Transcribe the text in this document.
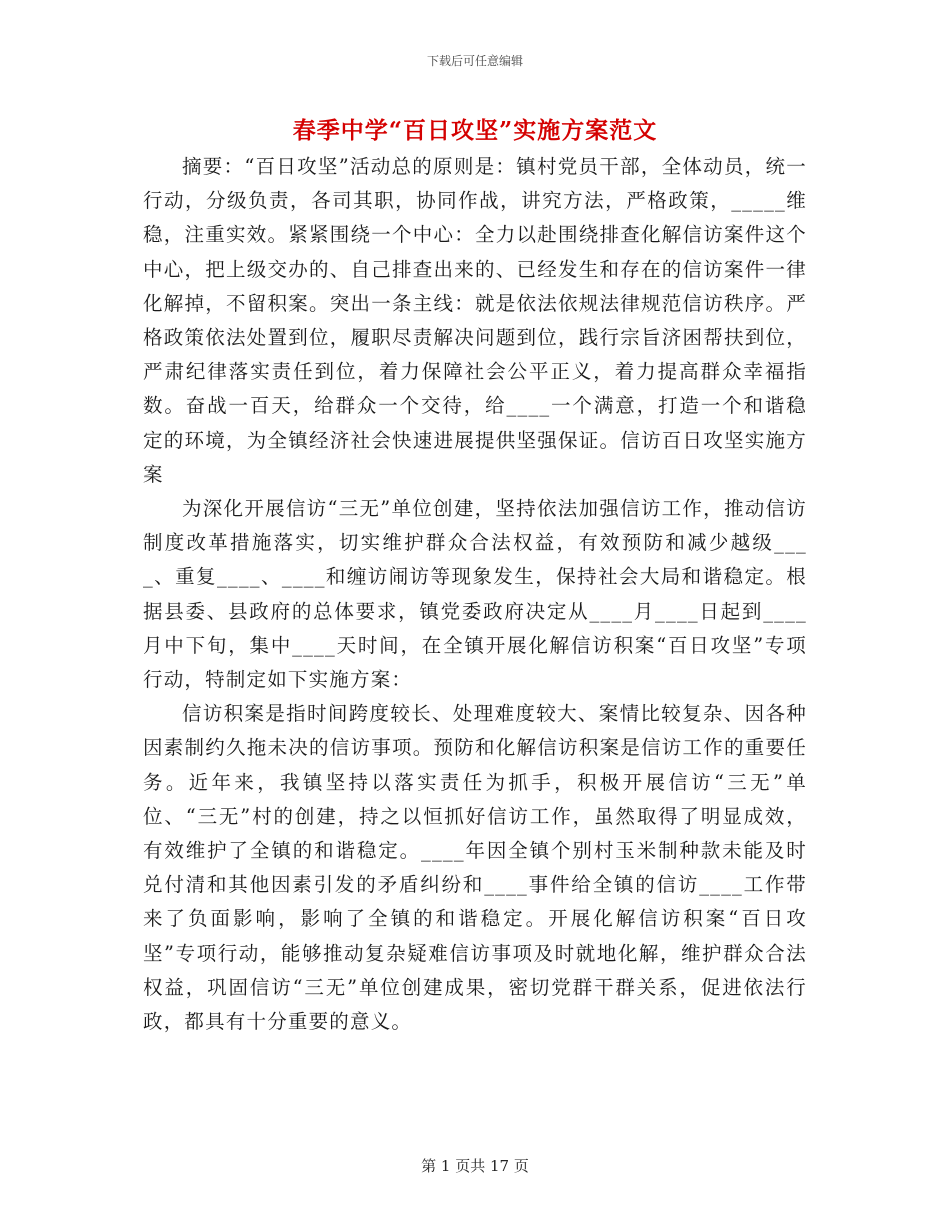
下载后可任意编辑
春季中学“百日攻坚”实施方案范文

摘要：“百日攻坚”活动总的原则是：镇村党员干部，全体动员，统一行动，分级负责，各司其职，协同作战，讲究方法，严格政策，_____维稳，注重实效。紧紧围绕一个中心：全力以赴围绕排查化解信访案件这个中心，把上级交办的、自己排查出来的、已经发生和存在的信访案件一律化解掉，不留积案。突出一条主线：就是依法依规法律规范信访秩序。严格政策依法处置到位，履职尽责解决问题到位，践行宗旨济困帮扶到位，严肃纪律落实责任到位，着力保障社会公平正义，着力提高群众幸福指数。奋战一百天，给群众一个交待，给____一个满意，打造一个和谐稳定的环境，为全镇经济社会快速进展提供坚强保证。信访百日攻坚实施方案

为深化开展信访“三无”单位创建，坚持依法加强信访工作，推动信访制度改革措施落实，切实维护群众合法权益，有效预防和减少越级____、重复____、____和缠访闹访等现象发生，保持社会大局和谐稳定。根据县委、县政府的总体要求，镇党委政府决定从____月____日起到____月中下旬，集中____天时间，在全镇开展化解信访积案“百日攻坚”专项行动，特制定如下实施方案：

信访积案是指时间跨度较长、处理难度较大、案情比较复杂、因各种因素制约久拖未决的信访事项。预防和化解信访积案是信访工作的重要任务。近年来，我镇坚持以落实责任为抓手，积极开展信访“三无”单位、“三无”村的创建，持之以恒抓好信访工作，虽然取得了明显成效，有效维护了全镇的和谐稳定。____年因全镇个别村玉米制种款未能及时兑付清和其他因素引发的矛盾纠纷和____事件给全镇的信访____工作带来了负面影响，影响了全镇的和谐稳定。开展化解信访积案“百日攻坚”专项行动，能够推动复杂疑难信访事项及时就地化解，维护群众合法权益，巩固信访“三无”单位创建成果，密切党群干群关系，促进依法行政，都具有十分重要的意义。

第 1 页共 17 页
